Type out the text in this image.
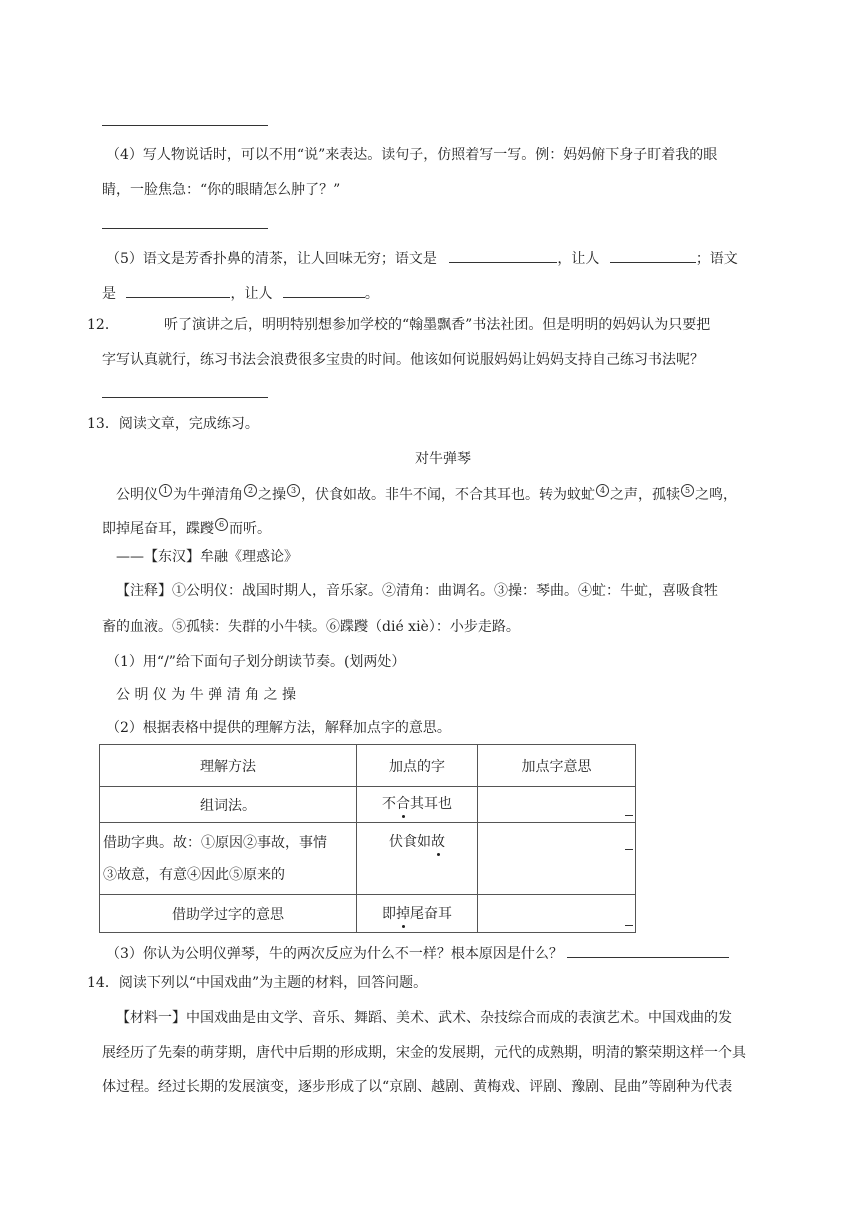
（4）写人物说话时，可以不用“说”来表达。读句子，仿照着写一写。例：妈妈俯下身子盯着我的眼
睛，一脸焦急：“你的眼睛怎么肿了？”
（5）语文是芳香扑鼻的清茶，让人回味无穷；语文是	，让人	；语文
是	，让人	。
12．	听了演讲之后，明明特别想参加学校的“翰墨飘香”书法社团。但是明明的妈妈认为只要把
字写认真就行，练习书法会浪费很多宝贵的时间。他该如何说服妈妈让妈妈支持自己练习书法呢？
13．阅读文章，完成练习。
对牛弹琴
公明仪 $^1$ 为牛弹清角 $^2$ 之操 $^3$ ，伏食如故。非牛不闻，不合其耳也。转为蚊虻 $^4$ 之声，孤犊 $^5$ 之鸣，
即掉尾奋耳，蹀躞 $^6$ 而听。
——【东汉】牟融《理惑论》
【注释】①公明仪：战国时期人，音乐家。②清角：曲调名。③操：琴曲。④虻：牛虻，喜吸食牲
畜的血液。⑤孤犊：失群的小牛犊。⑥蹀躞（dié xiè）：小步走路。
（1）用“/”给下面句子划分朗读节奏。(划两处）
公 明 仪 为 牛 弹 清 角 之 操
（2）根据表格中提供的理解方法，解释加点字的意思。
理解方法	加点的字	加点字意思
组词法。	不合其耳也	

借助字典。故：①原因②事故，事情
③故意，有意④因此⑤原来的	伏食如故	

借助学过字的意思	即掉尾奋耳	
（3）你认为公明仪弹琴，牛的两次反应为什么不一样？根本原因是什么？
14．阅读下列以“中国戏曲”为主题的材料，回答问题。
【材料一】中国戏曲是由文学、音乐、舞蹈、美术、武术、杂技综合而成的表演艺术。中国戏曲的发
展经历了先秦的萌芽期，唐代中后期的形成期，宋金的发展期，元代的成熟期，明清的繁荣期这样一个具
体过程。经过长期的发展演变，逐步形成了以“京剧、越剧、黄梅戏、评剧、豫剧、昆曲”等剧种为代表
